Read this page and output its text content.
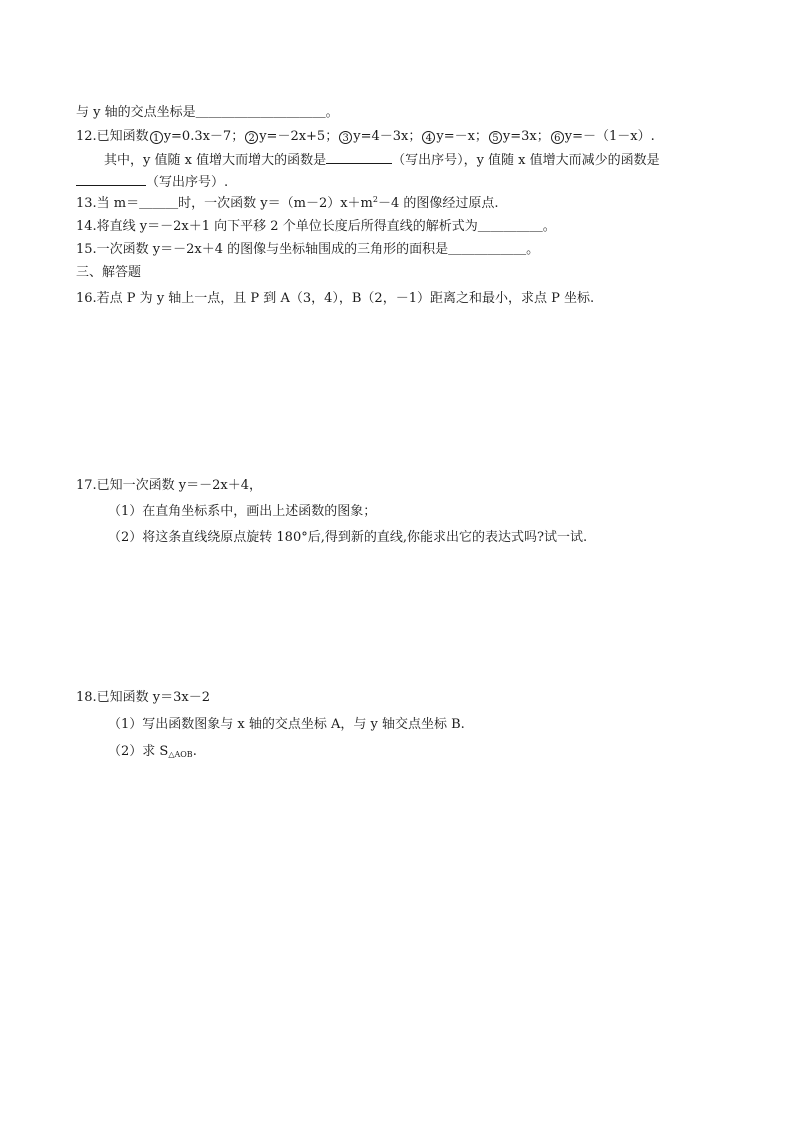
与 y 轴的交点坐标是＿＿＿＿＿＿＿＿＿＿。
12.已知函数 1 y=0.3x－7； 2 y=－2x+5； 3 y=4－3x； 4 y=－x； 5 y=3x； 6 y=－（1－x）.
其中，y 值随 x 值增大而增大的函数是	（写出序号），y 值随 x 值增大而减少的函数是
（写出序号）.
13.当 m＝＿＿＿时，一次函数 $y=(m-2)x+m^2-4$ 的图像经过原点.
14.将直线 y＝－2x＋1 向下平移 2 个单位长度后所得直线的解析式为＿＿＿＿＿。
15.一次函数 y＝－2x＋4 的图像与坐标轴围成的三角形的面积是＿＿＿＿＿＿。
三、解答题
16.若点 P 为 y 轴上一点，且 P 到 A（3，4），B（2，－1）距离之和最小，求点 P 坐标.
17.已知一次函数 y＝－2x＋4，
（1）在直角坐标系中，画出上述函数的图象；
（2）将这条直线绕原点旋转 180°后,得到新的直线,你能求出它的表达式吗?试一试.
18.已知函数 y＝3x－2
（1）写出函数图象与 x 轴的交点坐标 A，与 y 轴交点坐标 B.
（2）求 $S_{\triangle AOB}$.
